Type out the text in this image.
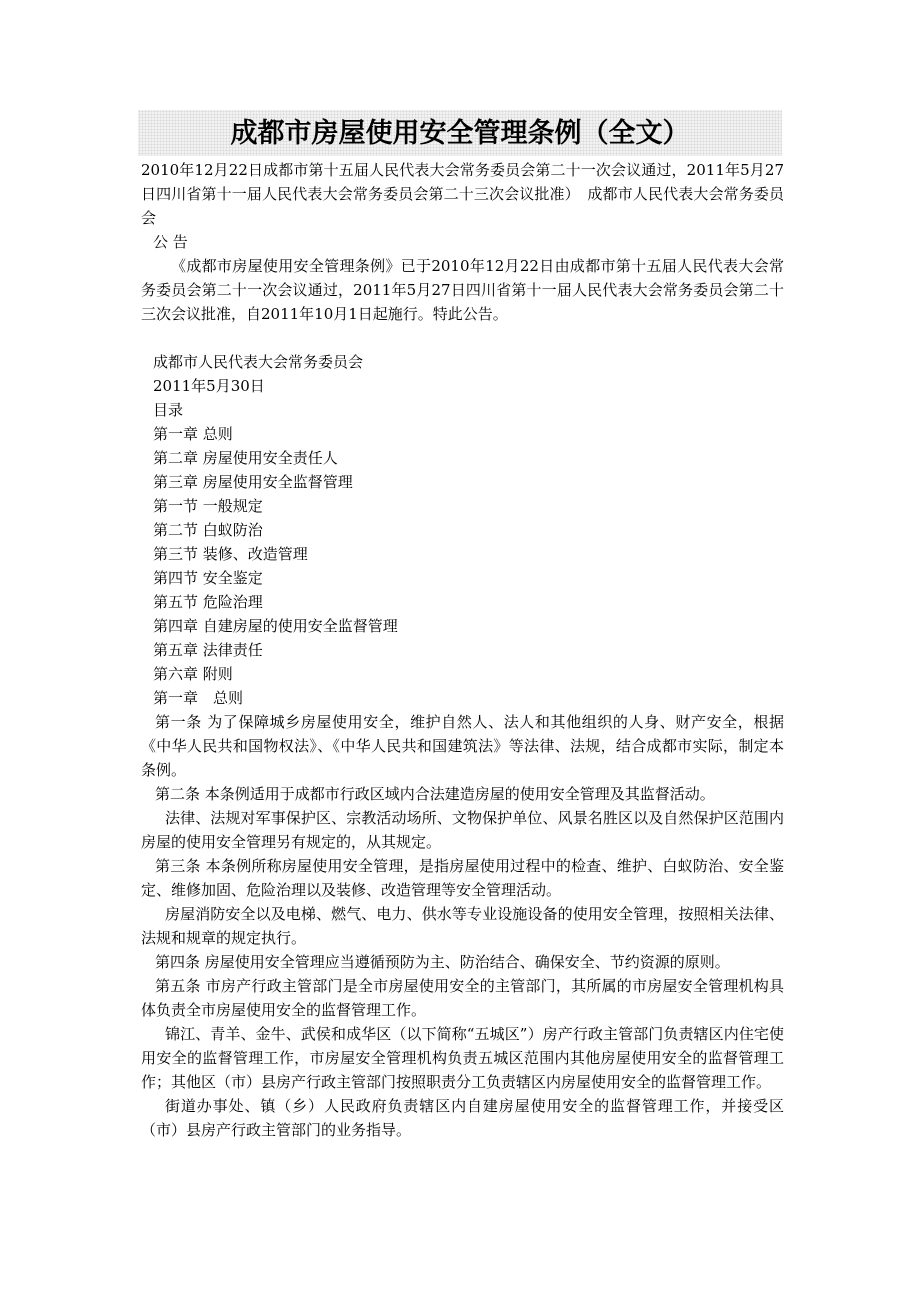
成都市房屋使用安全管理条例（全文）

2010年12月22日成都市第十五届人民代表大会常务委员会第二十一次会议通过，2011年5月27日四川省第十一届人民代表大会常务委员会第二十三次会议批准）　成都市人民代表大会常务委员会

公 告

《成都市房屋使用安全管理条例》已于2010年12月22日由成都市第十五届人民代表大会常务委员会第二十一次会议通过，2011年5月27日四川省第十一届人民代表大会常务委员会第二十三次会议批准，自2011年10月1日起施行。特此公告。

成都市人民代表大会常务委员会

2011年5月30日

目录

第一章 总则

第二章 房屋使用安全责任人

第三章 房屋使用安全监督管理

第一节 一般规定

第二节 白蚁防治

第三节 装修、改造管理

第四节 安全鉴定

第五节 危险治理

第四章 自建房屋的使用安全监督管理

第五章 法律责任

第六章 附则

第一章　总则

第一条 为了保障城乡房屋使用安全，维护自然人、法人和其他组织的人身、财产安全，根据《中华人民共和国物权法》、《中华人民共和国建筑法》等法律、法规，结合成都市实际，制定本条例。

第二条 本条例适用于成都市行政区域内合法建造房屋的使用安全管理及其监督活动。

法律、法规对军事保护区、宗教活动场所、文物保护单位、风景名胜区以及自然保护区范围内房屋的使用安全管理另有规定的，从其规定。

第三条 本条例所称房屋使用安全管理，是指房屋使用过程中的检查、维护、白蚁防治、安全鉴定、维修加固、危险治理以及装修、改造管理等安全管理活动。

房屋消防安全以及电梯、燃气、电力、供水等专业设施设备的使用安全管理，按照相关法律、法规和规章的规定执行。

第四条 房屋使用安全管理应当遵循预防为主、防治结合、确保安全、节约资源的原则。

第五条 市房产行政主管部门是全市房屋使用安全的主管部门，其所属的市房屋安全管理机构具体负责全市房屋使用安全的监督管理工作。

锦江、青羊、金牛、武侯和成华区（以下简称“五城区”）房产行政主管部门负责辖区内住宅使用安全的监督管理工作，市房屋安全管理机构负责五城区范围内其他房屋使用安全的监督管理工作；其他区（市）县房产行政主管部门按照职责分工负责辖区内房屋使用安全的监督管理工作。

街道办事处、镇（乡）人民政府负责辖区内自建房屋使用安全的监督管理工作，并接受区（市）县房产行政主管部门的业务指导。
